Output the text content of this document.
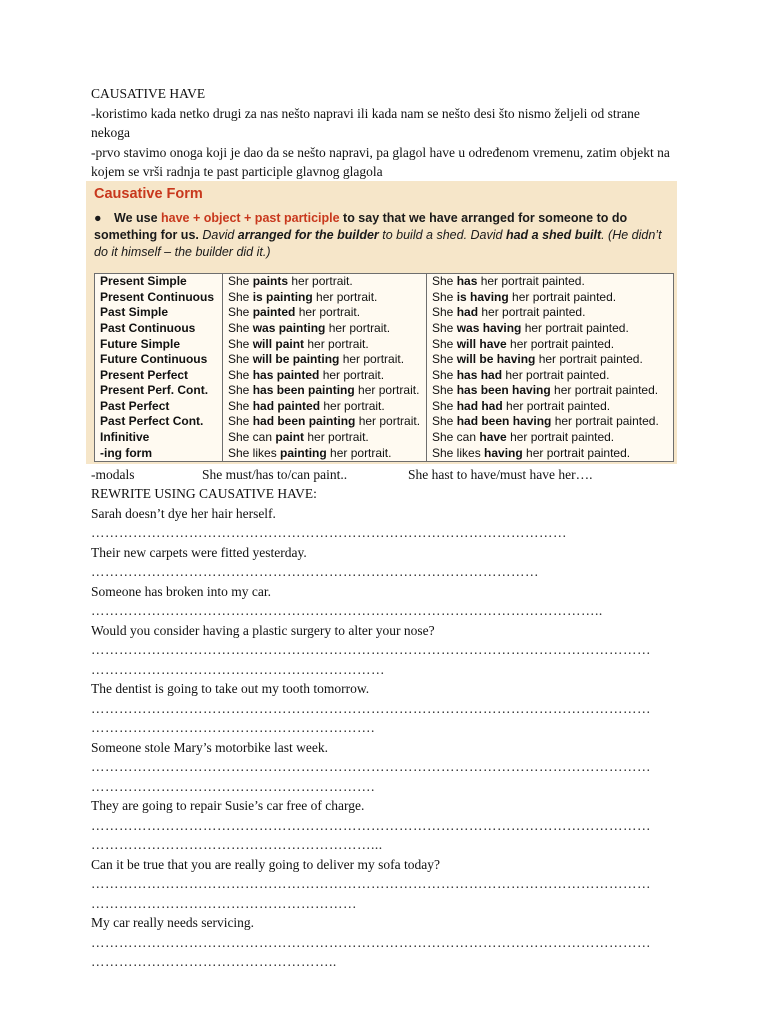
CAUSATIVE HAVE
-koristimo kada netko drugi za nas nešto napravi ili kada nam se nešto desi što nismo željeli od strane nekoga
-prvo stavimo onoga koji je dao da se nešto napravi, pa glagol have u određenom vremenu, zatim objekt na kojem se vrši radnja te past participle glavnog glagola
Causative Form
● We use have + object + past participle to say that we have arranged for someone to do something for us. David arranged for the builder to build a shed. David had a shed built. (He didn’t do it himself – the builder did it.)
Present Simple	She paints her portrait.	She has her portrait painted.
Present Continuous	She is painting her portrait.	She is having her portrait painted.
Past Simple	She painted her portrait.	She had her portrait painted.
Past Continuous	She was painting her portrait.	She was having her portrait painted.
Future Simple	She will paint her portrait.	She will have her portrait painted.
Future Continuous	She will be painting her portrait.	She will be having her portrait painted.
Present Perfect	She has painted her portrait.	She has had her portrait painted.
Present Perf. Cont.	She has been painting her portrait.	She has been having her portrait painted.
Past Perfect	She had painted her portrait.	She had had her portrait painted.
Past Perfect Cont.	She had been painting her portrait.	She had been having her portrait painted.
Infinitive	She can paint her portrait.	She can have her portrait painted.
-ing form	She likes painting her portrait.	She likes having her portrait painted.
-modals	She must/has to/can paint..	She hast to have/must have her….
REWRITE USING CAUSATIVE HAVE:
Sarah doesn’t dye her hair herself.
…………………………………………………………………………………………
Their new carpets were fitted yesterday.
……………………………………………………………………………………
Someone has broken into my car.
………………………………………………………………………………………………..
Would you consider having a plastic surgery to alter your nose?
…………………………………………………………………………………………………………
………………………………………………………
The dentist is going to take out my tooth tomorrow.
…………………………………………………………………………………………………………
…………………………………………………….
Someone stole Mary’s motorbike last week.
…………………………………………………………………………………………………………
…………………………………………………….
They are going to repair Susie’s car free of charge.
…………………………………………………………………………………………………………
……………………………………………………...
Can it be true that you are really going to deliver my sofa today?
…………………………………………………………………………………………………………
…………………………………………………
My car really needs servicing.
…………………………………………………………………………………………………………
……………………………………………..
